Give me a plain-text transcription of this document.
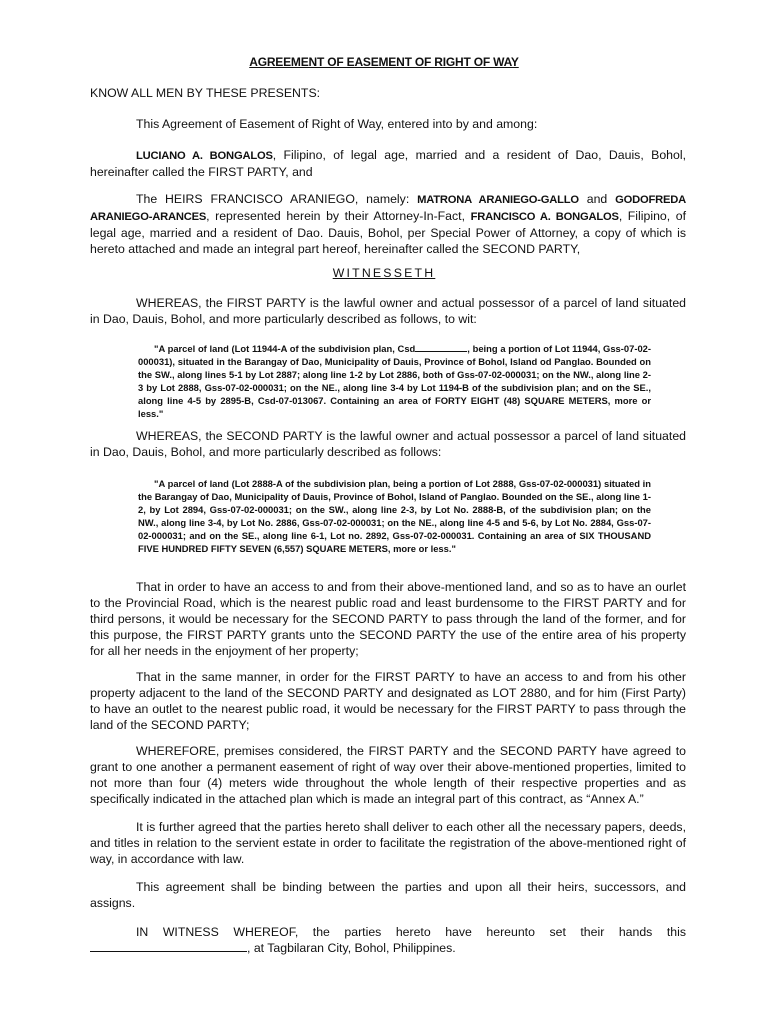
AGREEMENT OF EASEMENT OF RIGHT OF WAY

KNOW ALL MEN BY THESE PRESENTS:

This Agreement of Easement of Right of Way, entered into by and among:

LUCIANO A. BONGALOS, Filipino, of legal age, married and a resident of Dao, Dauis, Bohol, hereinafter called the FIRST PARTY, and

The HEIRS FRANCISCO ARANIEGO, namely: MATRONA ARANIEGO-GALLO and GODOFREDA ARANIEGO-ARANCES, represented herein by their Attorney-In-Fact, FRANCISCO A. BONGALOS, Filipino, of legal age, married and a resident of Dao. Dauis, Bohol, per Special Power of Attorney, a copy of which is hereto attached and made an integral part hereof, hereinafter called the SECOND PARTY,

WITNESSETH

WHEREAS, the FIRST PARTY is the lawful owner and actual possessor of a parcel of land situated in Dao, Dauis, Bohol, and more particularly described as follows, to wit:

"A parcel of land (Lot 11944-A of the subdivision plan, Csd	, being a portion of Lot 11944, Gss-07-02-000031), situated in the Barangay of Dao, Municipality of Dauis, Province of Bohol, Island od Panglao. Bounded on the SW., along lines 5-1 by Lot 2887; along line 1-2 by Lot 2886, both of Gss-07-02-000031; on the NW., along line 2-3 by Lot 2888, Gss-07-02-000031; on the NE., along line 3-4 by Lot 1194-B of the subdivision plan; and on the SE., along line 4-5 by 2895-B, Csd-07-013067. Containing an area of FORTY EIGHT (48) SQUARE METERS, more or less."

WHEREAS, the SECOND PARTY is the lawful owner and actual possessor a parcel of land situated in Dao, Dauis, Bohol, and more particularly described as follows:

"A parcel of land (Lot 2888-A of the subdivision plan, being a portion of Lot 2888, Gss-07-02-000031) situated in the Barangay of Dao, Municipality of Dauis, Province of Bohol, Island of Panglao. Bounded on the SE., along line 1-2, by Lot 2894, Gss-07-02-000031; on the SW., along line 2-3, by Lot No. 2888-B, of the subdivision plan; on the NW., along line 3-4, by Lot No. 2886, Gss-07-02-000031; on the NE., along line 4-5 and 5-6, by Lot No. 2884, Gss-07-02-000031; and on the SE., along line 6-1, Lot no. 2892, Gss-07-02-000031. Containing an area of SIX THOUSAND FIVE HUNDRED FIFTY SEVEN (6,557) SQUARE METERS, more or less."

That in order to have an access to and from their above-mentioned land, and so as to have an ourlet to the Provincial Road, which is the nearest public road and least burdensome to the FIRST PARTY and for third persons, it would be necessary for the SECOND PARTY to pass through the land of the former, and for this purpose, the FIRST PARTY grants unto the SECOND PARTY the use of the entire area of his property for all her needs in the enjoyment of her property;

That in the same manner, in order for the FIRST PARTY to have an access to and from his other property adjacent to the land of the SECOND PARTY and designated as LOT 2880, and for him (First Party) to have an outlet to the nearest public road, it would be necessary for the FIRST PARTY to pass through the land of the SECOND PARTY;

WHEREFORE, premises considered, the FIRST PARTY and the SECOND PARTY have agreed to grant to one another a permanent easement of right of way over their above-mentioned properties, limited to not more than four (4) meters wide throughout the whole length of their respective properties and as specifically indicated in the attached plan which is made an integral part of this contract, as “Annex A.”

It is further agreed that the parties hereto shall deliver to each other all the necessary papers, deeds, and titles in relation to the servient estate in order to facilitate the registration of the above-mentioned right of way, in accordance with law.

This agreement shall be binding between the parties and upon all their heirs, successors, and assigns.

IN WITNESS WHEREOF, the parties hereto have hereunto set their hands this , at Tagbilaran City, Bohol, Philippines.
